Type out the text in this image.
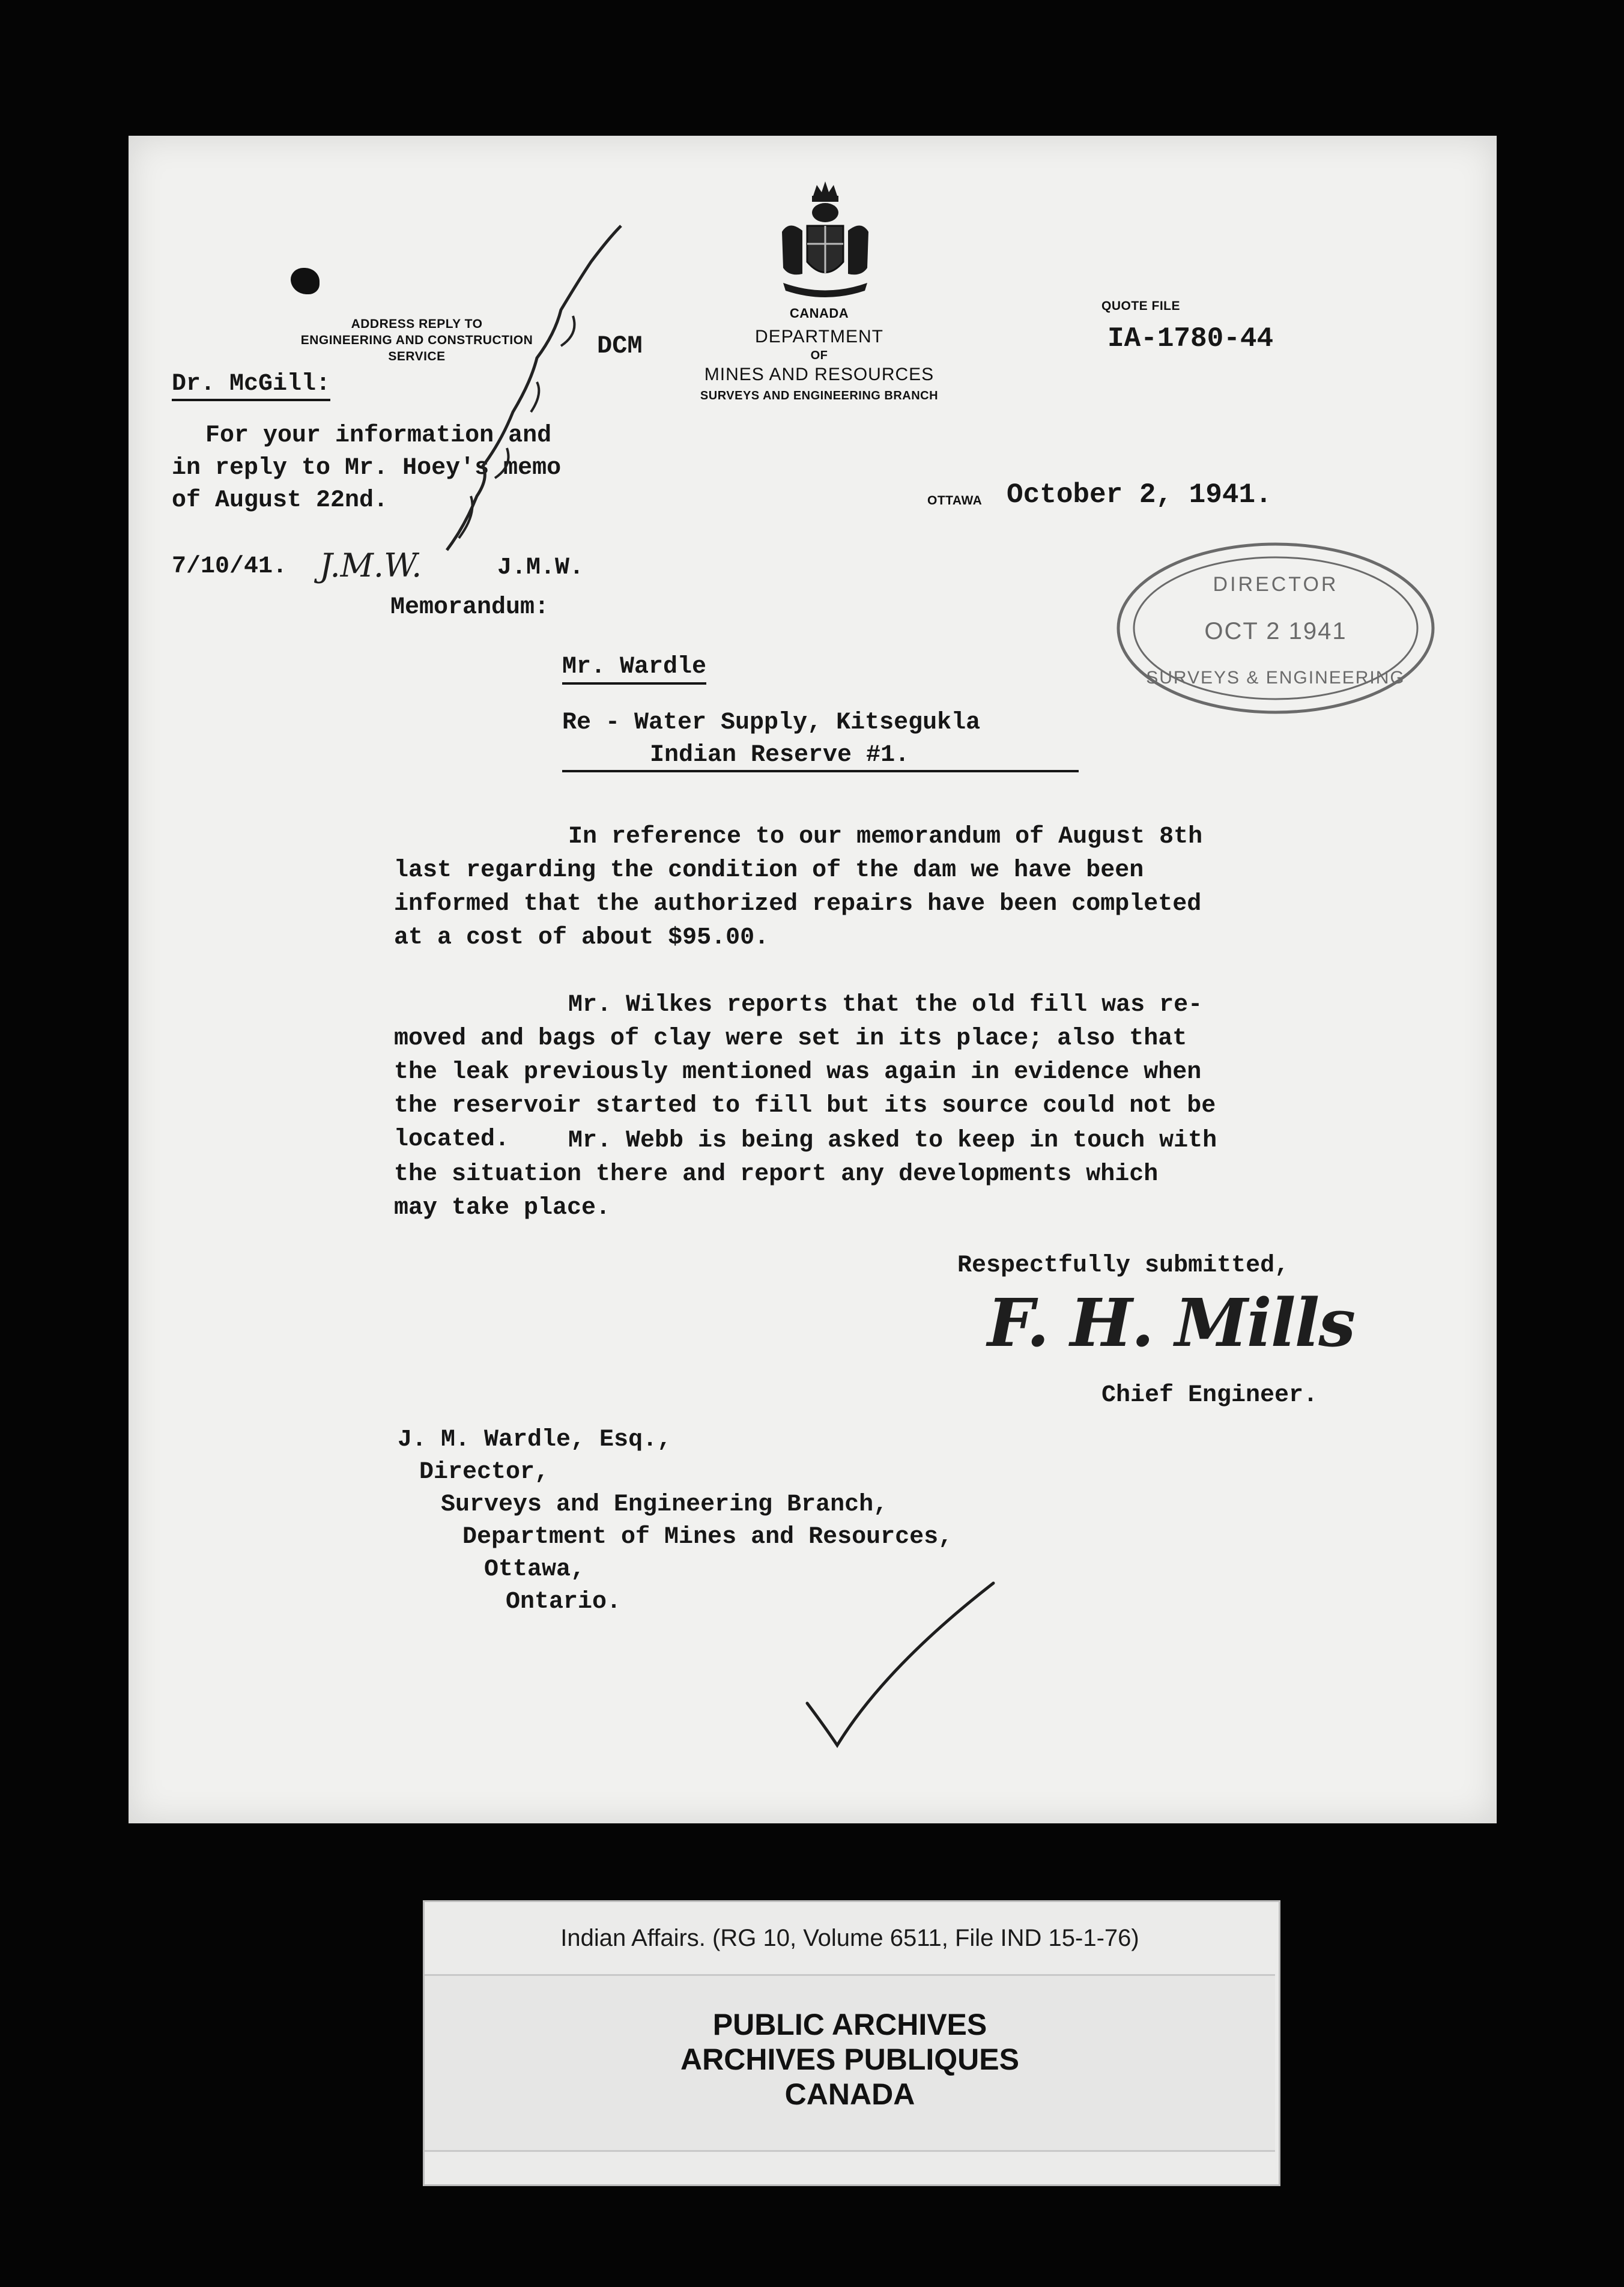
ADDRESS REPLY TO
ENGINEERING AND CONSTRUCTION
SERVICE	DCM
CANADA
DEPARTMENT
OF
MINES AND RESOURCES
SURVEYS AND ENGINEERING BRANCH
QUOTE FILE
IA-1780-44
Dr. McGill:
For your information and
in reply to Mr. Hoey's memo
of August 22nd.
7/10/41. J.M.W.	J.M.W.
OTTAWA October 2, 1941.
DIRECTOR
OCT 2 1941
SURVEYS & ENGINEERING
Memorandum:
Mr. Wardle
Re - Water Supply, Kitsegukla
Indian Reserve #1.
In reference to our memorandum of August 8th
last regarding the condition of the dam we have been
informed that the authorized repairs have been completed
at a cost of about $95.00.
Mr. Wilkes reports that the old fill was re-
moved and bags of clay were set in its place; also that
the leak previously mentioned was again in evidence when
the reservoir started to fill but its source could not be
located.	Mr. Webb is being asked to keep in touch with
the situation there and report any developments which
may take place.
Respectfully submitted,
F. H. Mills
Chief Engineer.
J. M. Wardle, Esq.,
Director,
Surveys and Engineering Branch,
Department of Mines and Resources,
Ottawa,
Ontario.
Indian Affairs. (RG 10, Volume 6511, File IND 15-1-76)
PUBLIC ARCHIVES
ARCHIVES PUBLIQUES
CANADA
